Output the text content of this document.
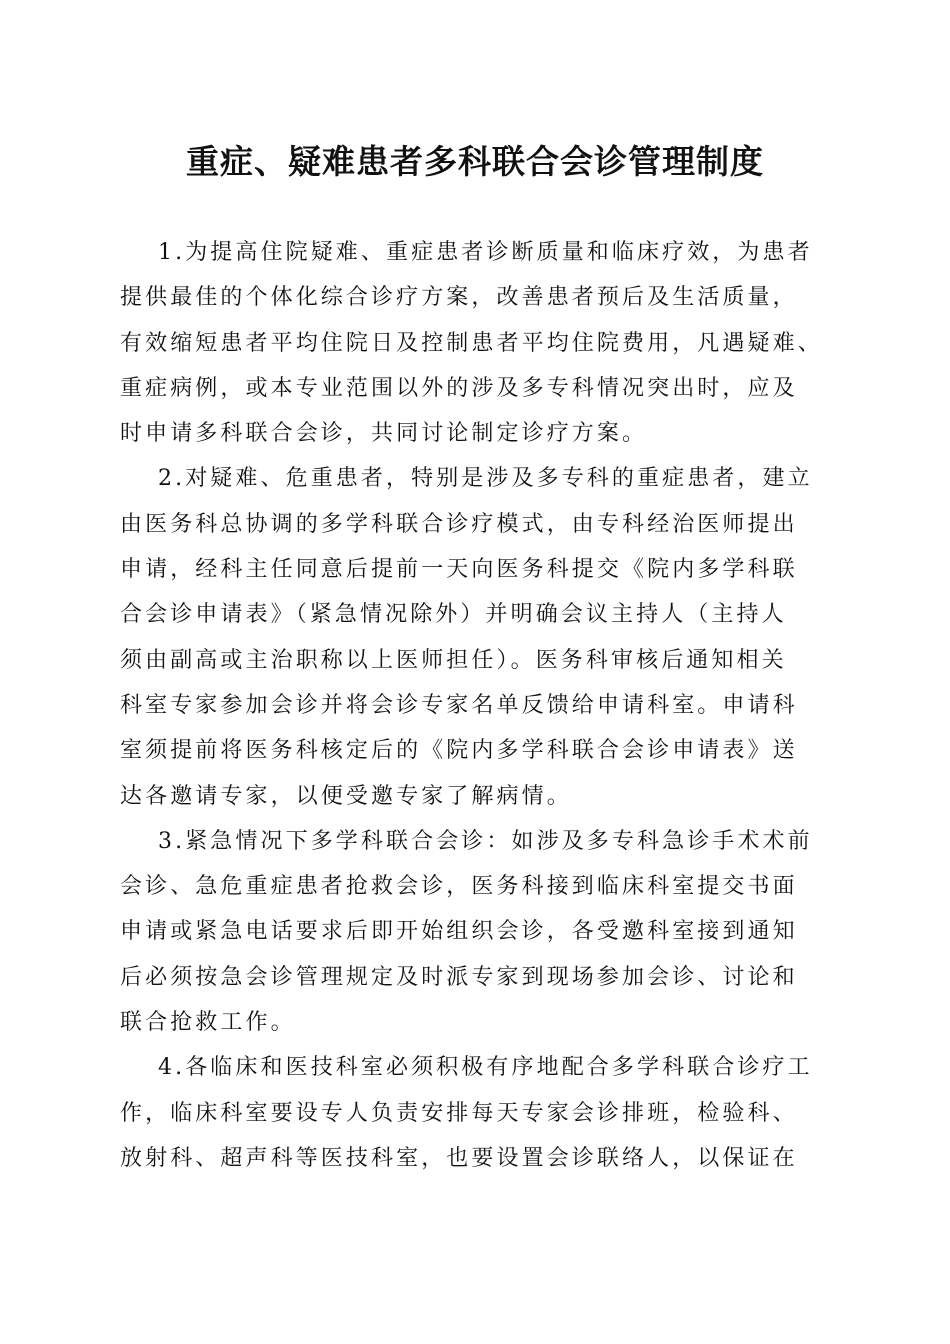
重症、疑难患者多科联合会诊管理制度
1.为提高住院疑难、重症患者诊断质量和临床疗效，为患者
提供最佳的个体化综合诊疗方案，改善患者预后及生活质量，
有效缩短患者平均住院日及控制患者平均住院费用，凡遇疑难、
重症病例，或本专业范围以外的涉及多专科情况突出时，应及
时申请多科联合会诊，共同讨论制定诊疗方案。
2.对疑难、危重患者，特别是涉及多专科的重症患者，建立
由医务科总协调的多学科联合诊疗模式，由专科经治医师提出
申请，经科主任同意后提前一天向医务科提交《院内多学科联
合会诊申请表》（紧急情况除外）并明确会议主持人（主持人
须由副高或主治职称以上医师担任）。医务科审核后通知相关
科室专家参加会诊并将会诊专家名单反馈给申请科室。申请科
室须提前将医务科核定后的《院内多学科联合会诊申请表》送
达各邀请专家，以便受邀专家了解病情。
3.紧急情况下多学科联合会诊：如涉及多专科急诊手术术前
会诊、急危重症患者抢救会诊，医务科接到临床科室提交书面
申请或紧急电话要求后即开始组织会诊，各受邀科室接到通知
后必须按急会诊管理规定及时派专家到现场参加会诊、讨论和
联合抢救工作。
4.各临床和医技科室必须积极有序地配合多学科联合诊疗工
作，临床科室要设专人负责安排每天专家会诊排班，检验科、
放射科、超声科等医技科室，也要设置会诊联络人，以保证在
